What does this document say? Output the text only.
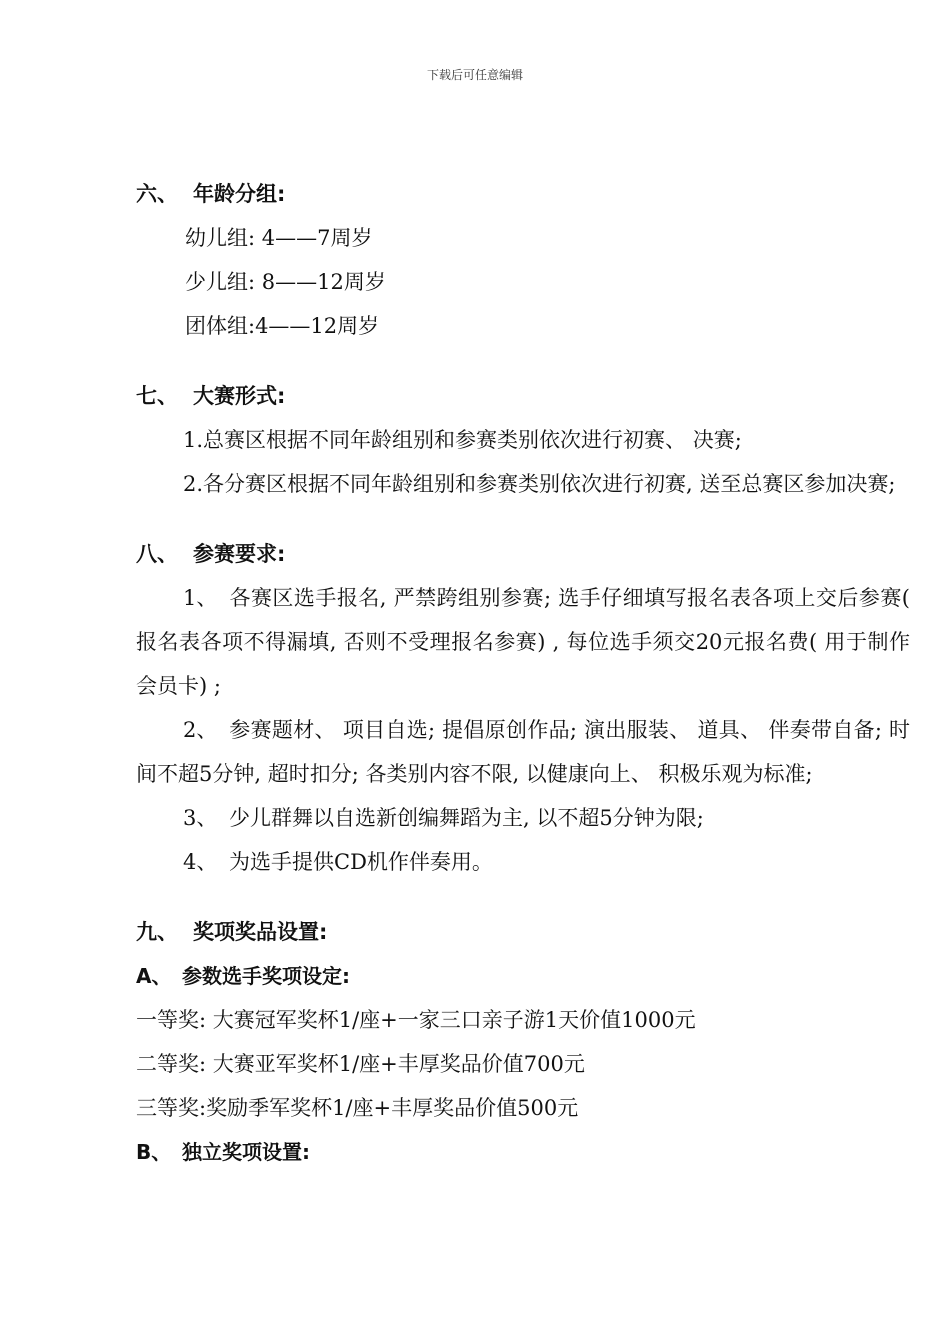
下载后可任意编辑
六、 年龄分组:
幼儿组: 4——7周岁
少儿组: 8——12周岁
团体组:4——12周岁
七、 大赛形式:
1.总赛区根据不同年龄组别和参赛类别依次进行初赛、 决赛;
2.各分赛区根据不同年龄组别和参赛类别依次进行初赛, 送至总赛区参加决赛;
八、 参赛要求:
1、 各赛区选手报名, 严禁跨组别参赛; 选手仔细填写报名表各项上交后参赛( 报名表各项不得漏填, 否则不受理报名参赛) , 每位选手须交20元报名费( 用于制作会员卡) ;
2、 参赛题材、 项目自选; 提倡原创作品; 演出服装、 道具、 伴奏带自备; 时间不超5分钟, 超时扣分; 各类别内容不限, 以健康向上、 积极乐观为标准;
3、 少儿群舞以自选新创编舞蹈为主, 以不超5分钟为限;
4、 为选手提供CD机作伴奏用。
九、 奖项奖品设置:
A、 参数选手奖项设定:
一等奖: 大赛冠军奖杯1/座+一家三口亲子游1天价值1000元
二等奖: 大赛亚军奖杯1/座+丰厚奖品价值700元
三等奖:奖励季军奖杯1/座+丰厚奖品价值500元
B、 独立奖项设置:
